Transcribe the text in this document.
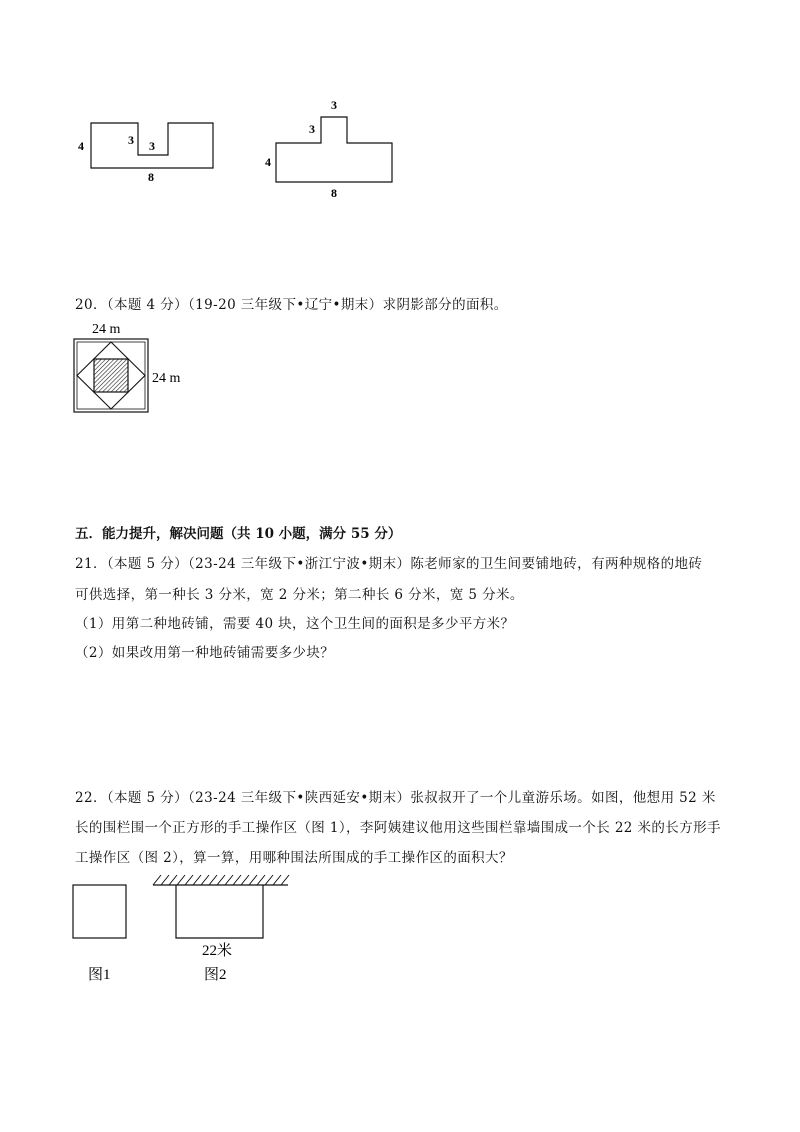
4	3 3
8
3
3
4
8
20．（本题 4 分）（19-20 三年级下•辽宁•期末）求阴影部分的面积。
24 m
24 m
五．能力提升，解决问题（共 10 小题，满分 55 分）
21．（本题 5 分）（23-24 三年级下•浙江宁波•期末）陈老师家的卫生间要铺地砖，有两种规格的地砖
可供选择，第一种长 3 分米，宽 2 分米；第二种长 6 分米，宽 5 分米。
（1）用第二种地砖铺，需要 40 块，这个卫生间的面积是多少平方米？
（2）如果改用第一种地砖铺需要多少块？
22．（本题 5 分）（23-24 三年级下•陕西延安•期末）张叔叔开了一个儿童游乐场。如图，他想用 52 米
长的围栏围一个正方形的手工操作区（图 1），李阿姨建议他用这些围栏靠墙围成一个长 22 米的长方形手
工操作区（图 2），算一算，用哪种围法所围成的手工操作区的面积大？
22米
图1	图2
